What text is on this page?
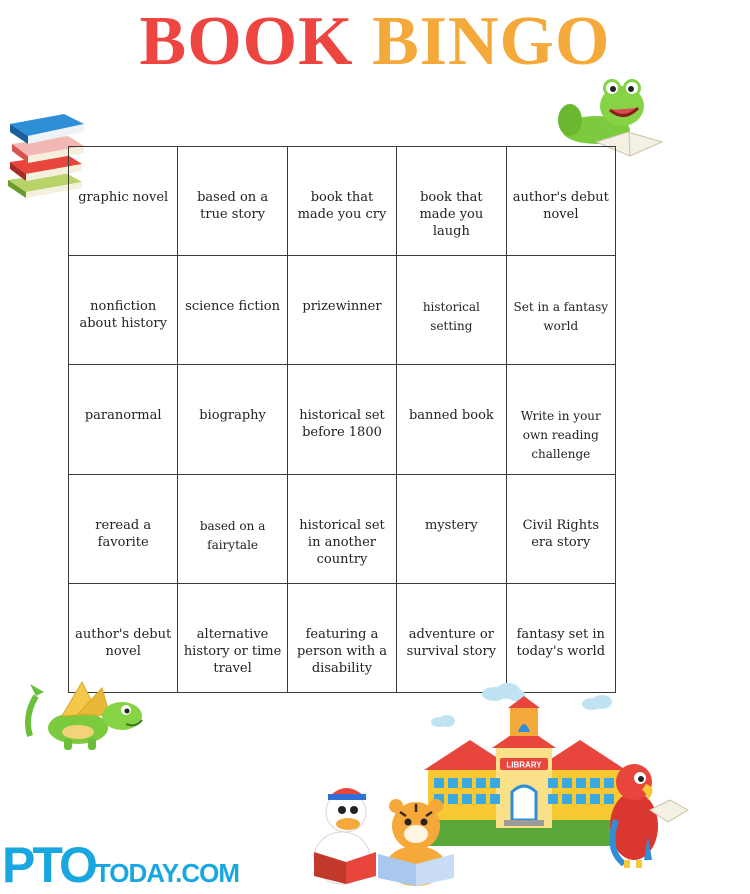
BOOK BINGO
graphic novel	based on a true story	book that made you cry	book that made you laugh	author's debut novel
nonfiction about history	science fiction	prizewinner	historical setting	Set in a fantasy world
paranormal	biography	historical set before 1800	banned book	Write in your own reading challenge
reread a favorite	based on a fairytale	historical set in another country	mystery	Civil Rights era story
author's debut novel	alternative history or time travel	featuring a person with a disability	adventure or survival story	fantasy set in today's world
LIBRARY
PTOTODAY.COM
